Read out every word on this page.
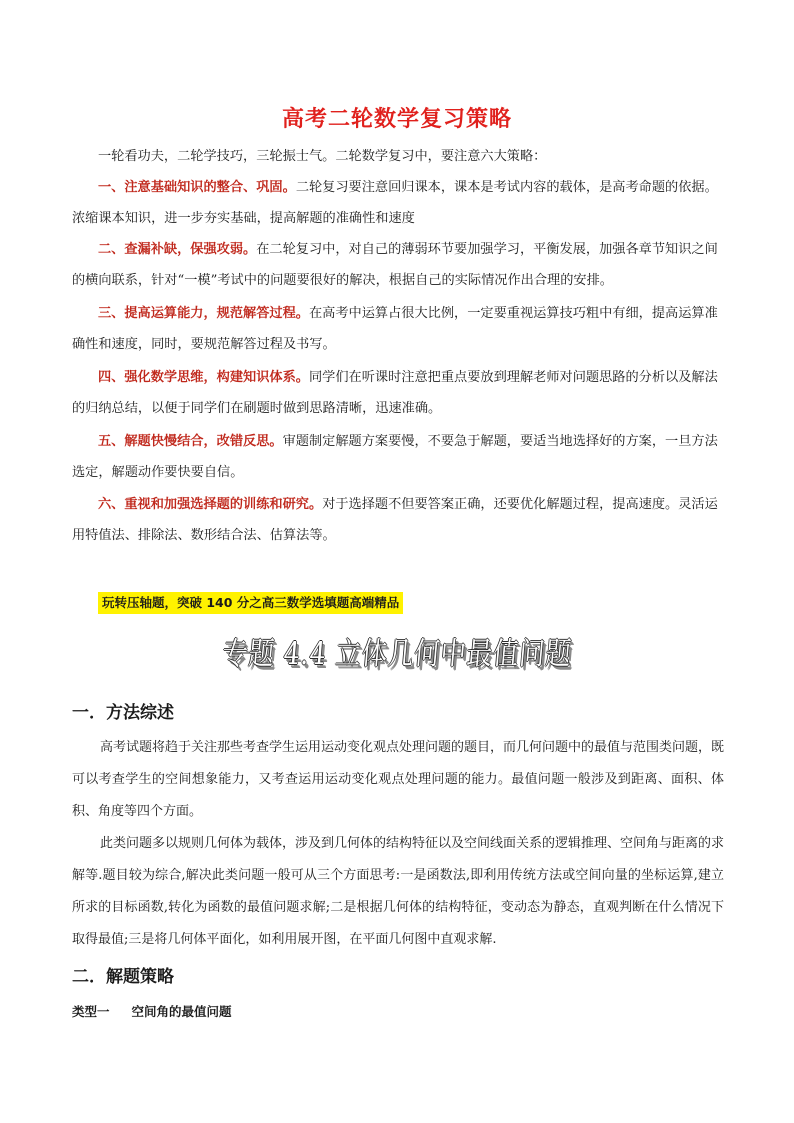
高考二轮数学复习策略

一轮看功夫，二轮学技巧，三轮振士气。二轮数学复习中，要注意六大策略：

一、注意基础知识的整合、巩固。二轮复习要注意回归课本，课本是考试内容的载体，是高考命题的依据。浓缩课本知识，进一步夯实基础，提高解题的准确性和速度

二、查漏补缺，保强攻弱。在二轮复习中，对自己的薄弱环节要加强学习，平衡发展，加强各章节知识之间的横向联系，针对“一模”考试中的问题要很好的解决，根据自己的实际情况作出合理的安排。

三、提高运算能力，规范解答过程。在高考中运算占很大比例，一定要重视运算技巧粗中有细，提高运算准确性和速度，同时，要规范解答过程及书写。

四、强化数学思维，构建知识体系。同学们在听课时注意把重点要放到理解老师对问题思路的分析以及解法的归纳总结，以便于同学们在刷题时做到思路清晰，迅速准确。

五、解题快慢结合，改错反思。审题制定解题方案要慢，不要急于解题，要适当地选择好的方案，一旦方法选定，解题动作要快要自信。

六、重视和加强选择题的训练和研究。对于选择题不但要答案正确，还要优化解题过程，提高速度。灵活运用特值法、排除法、数形结合法、估算法等。

玩转压轴题，突破 140 分之高三数学选填题高端精品
专题 4.4 立体几何中最值问题
一．方法综述

高考试题将趋于关注那些考查学生运用运动变化观点处理问题的题目，而几何问题中的最值与范围类问题，既可以考查学生的空间想象能力，又考查运用运动变化观点处理问题的能力。最值问题一般涉及到距离、面积、体积、角度等四个方面。

此类问题多以规则几何体为载体，涉及到几何体的结构特征以及空间线面关系的逻辑推理、空间角与距离的求解等.题目较为综合,解决此类问题一般可从三个方面思考:一是函数法,即利用传统方法或空间向量的坐标运算,建立所求的目标函数,转化为函数的最值问题求解;二是根据几何体的结构特征，变动态为静态，直观判断在什么情况下取得最值;三是将几何体平面化，如利用展开图，在平面几何图中直观求解.

二．解题策略
类型一 空间角的最值问题
